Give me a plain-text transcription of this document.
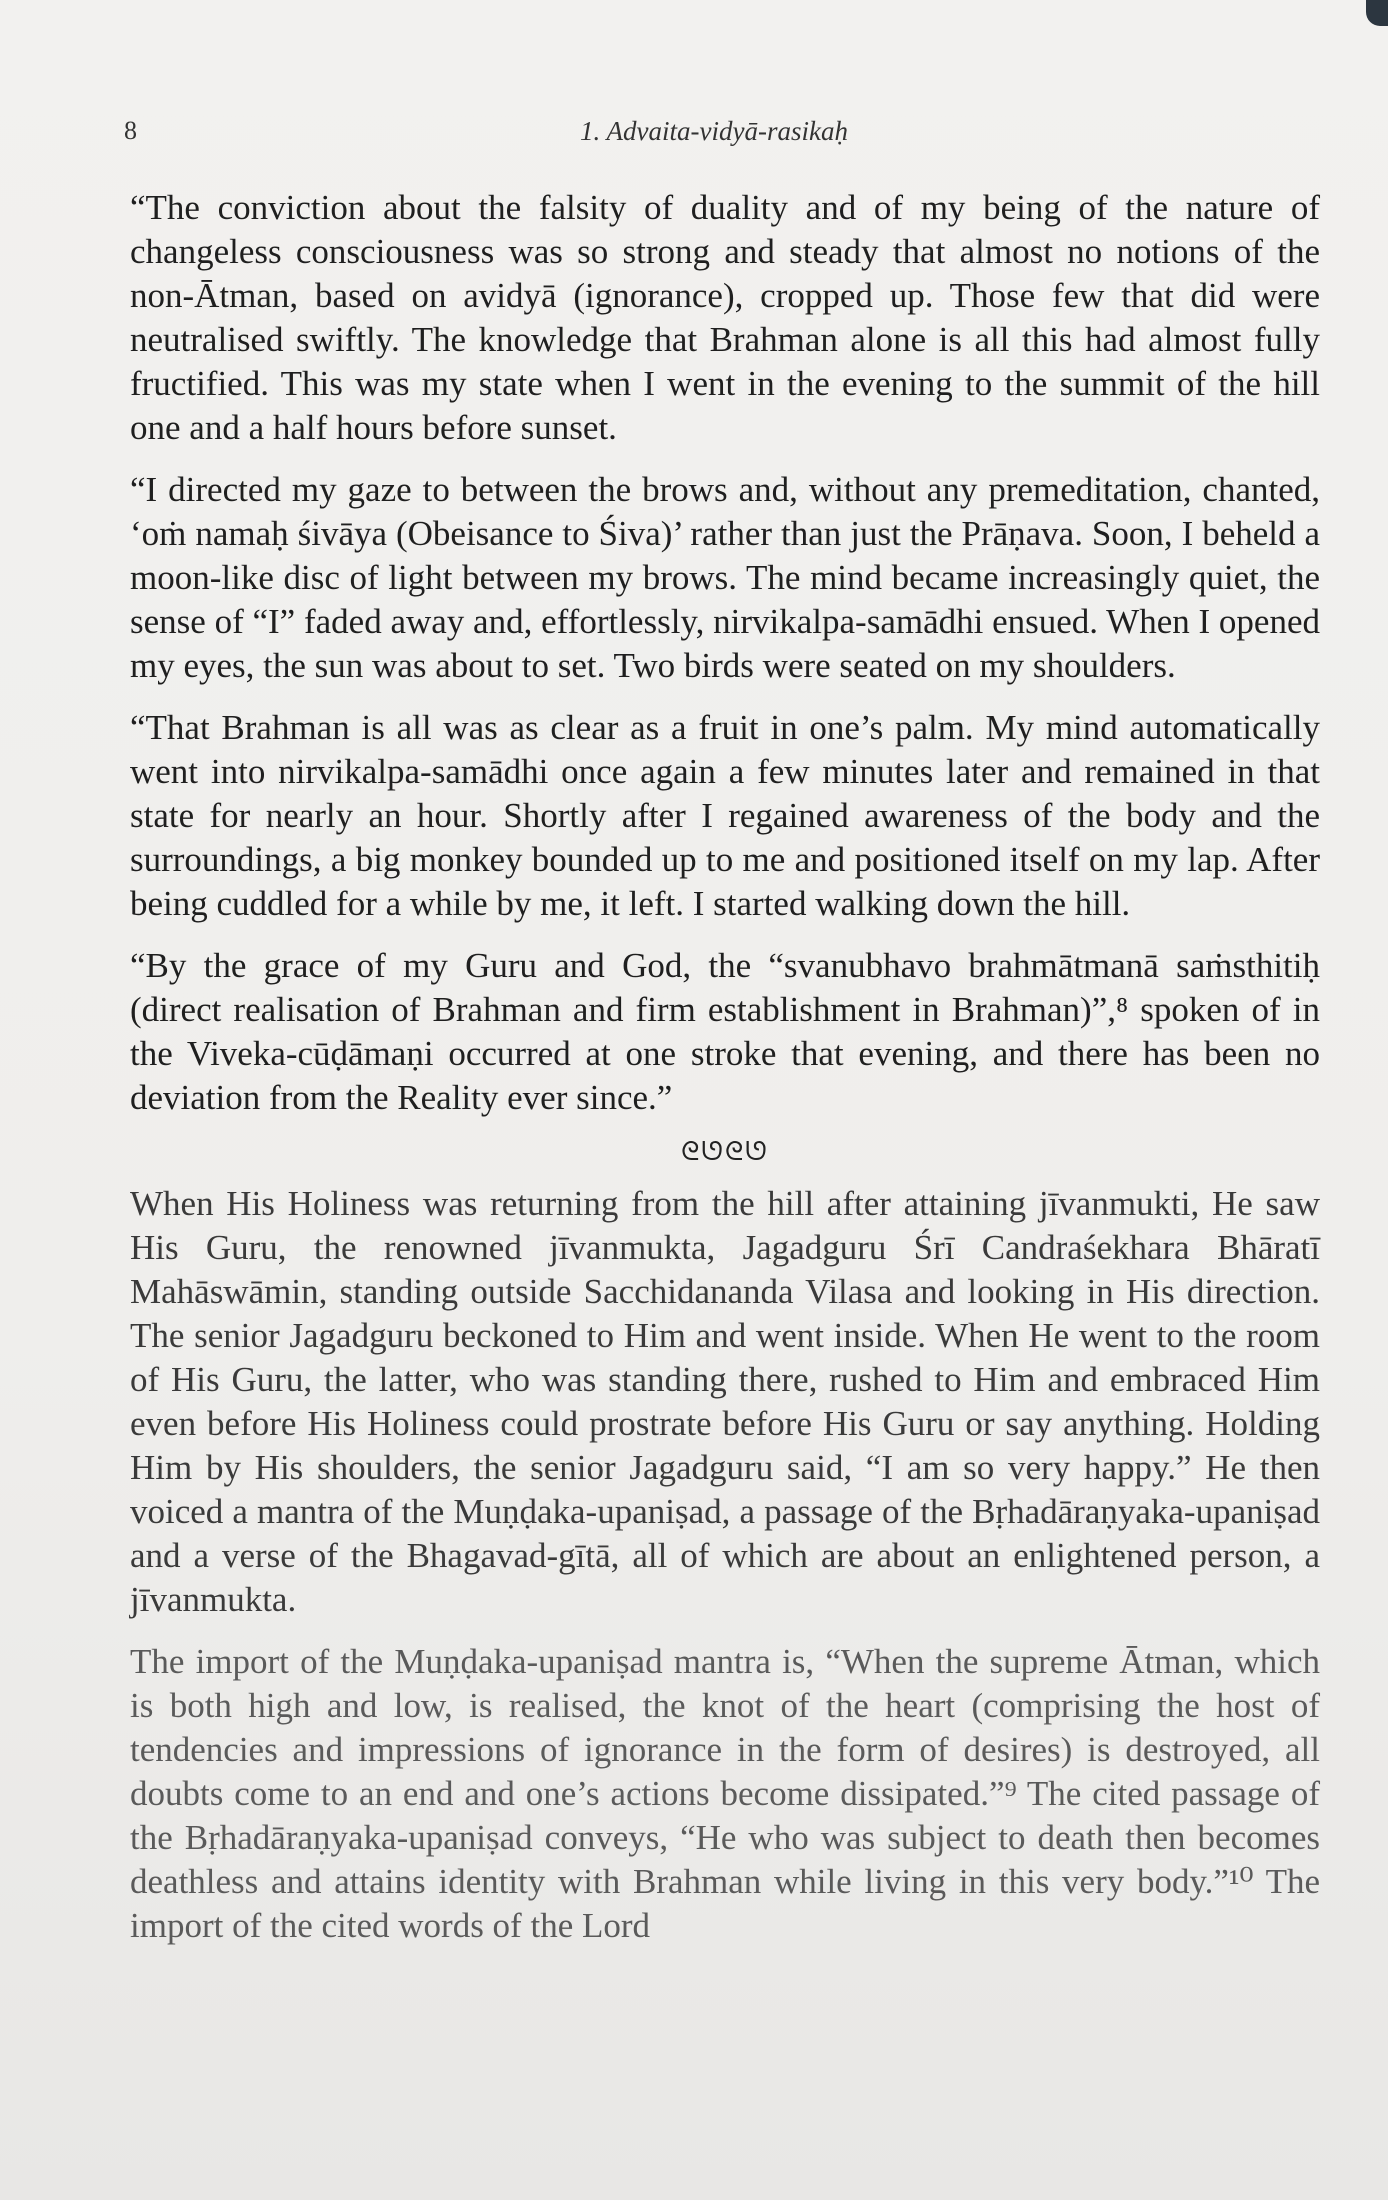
8	1. Advaita-vidyā-rasikaḥ

“The conviction about the falsity of duality and of my being of the nature of changeless consciousness was so strong and steady that almost no notions of the non-Ātman, based on avidyā (ignorance), cropped up. Those few that did were neutralised swiftly. The knowledge that Brahman alone is all this had almost fully fructified. This was my state when I went in the evening to the summit of the hill one and a half hours before sunset.

“I directed my gaze to between the brows and, without any premeditation, chanted, ‘oṁ namaḥ śivāya (Obeisance to Śiva)’ rather than just the Prāṇava. Soon, I beheld a moon-like disc of light between my brows. The mind became increasingly quiet, the sense of “I” faded away and, effortlessly, nirvikalpa-samādhi ensued. When I opened my eyes, the sun was about to set. Two birds were seated on my shoulders.

“That Brahman is all was as clear as a fruit in one’s palm. My mind automatically went into nirvikalpa-samādhi once again a few minutes later and remained in that state for nearly an hour. Shortly after I regained awareness of the body and the surroundings, a big monkey bounded up to me and positioned itself on my lap. After being cuddled for a while by me, it left. I started walking down the hill.

“By the grace of my Guru and God, the “svanubhavo brahmātmanā saṁsthitiḥ (direct realisation of Brahman and firm establishment in Brahman)”,⁸ spoken of in the Viveka-cūḍāmaṇi occurred at one stroke that evening, and there has been no deviation from the Reality ever since.”

ᘓᘎᘓᘎ

When His Holiness was returning from the hill after attaining jīvanmukti, He saw His Guru, the renowned jīvanmukta, Jagadguru Śrī Candraśekhara Bhāratī Mahāswāmin, standing outside Sacchidananda Vilasa and looking in His direction. The senior Jagadguru beckoned to Him and went inside. When He went to the room of His Guru, the latter, who was standing there, rushed to Him and embraced Him even before His Holiness could prostrate before His Guru or say anything. Holding Him by His shoulders, the senior Jagadguru said, “I am so very happy.” He then voiced a mantra of the Muṇḍaka-upaniṣad, a passage of the Bṛhadāraṇyaka-upaniṣad and a verse of the Bhagavad-gītā, all of which are about an enlightened person, a jīvanmukta.

The import of the Muṇḍaka-upaniṣad mantra is, “When the supreme Ātman, which is both high and low, is realised, the knot of the heart (comprising the host of tendencies and impressions of ignorance in the form of desires) is destroyed, all doubts come to an end and one’s actions become dissipated.”⁹ The cited passage of the Bṛhadāraṇyaka-upaniṣad conveys, “He who was subject to death then becomes deathless and attains identity with Brahman while living in this very body.”¹⁰ The import of the cited words of the Lord
